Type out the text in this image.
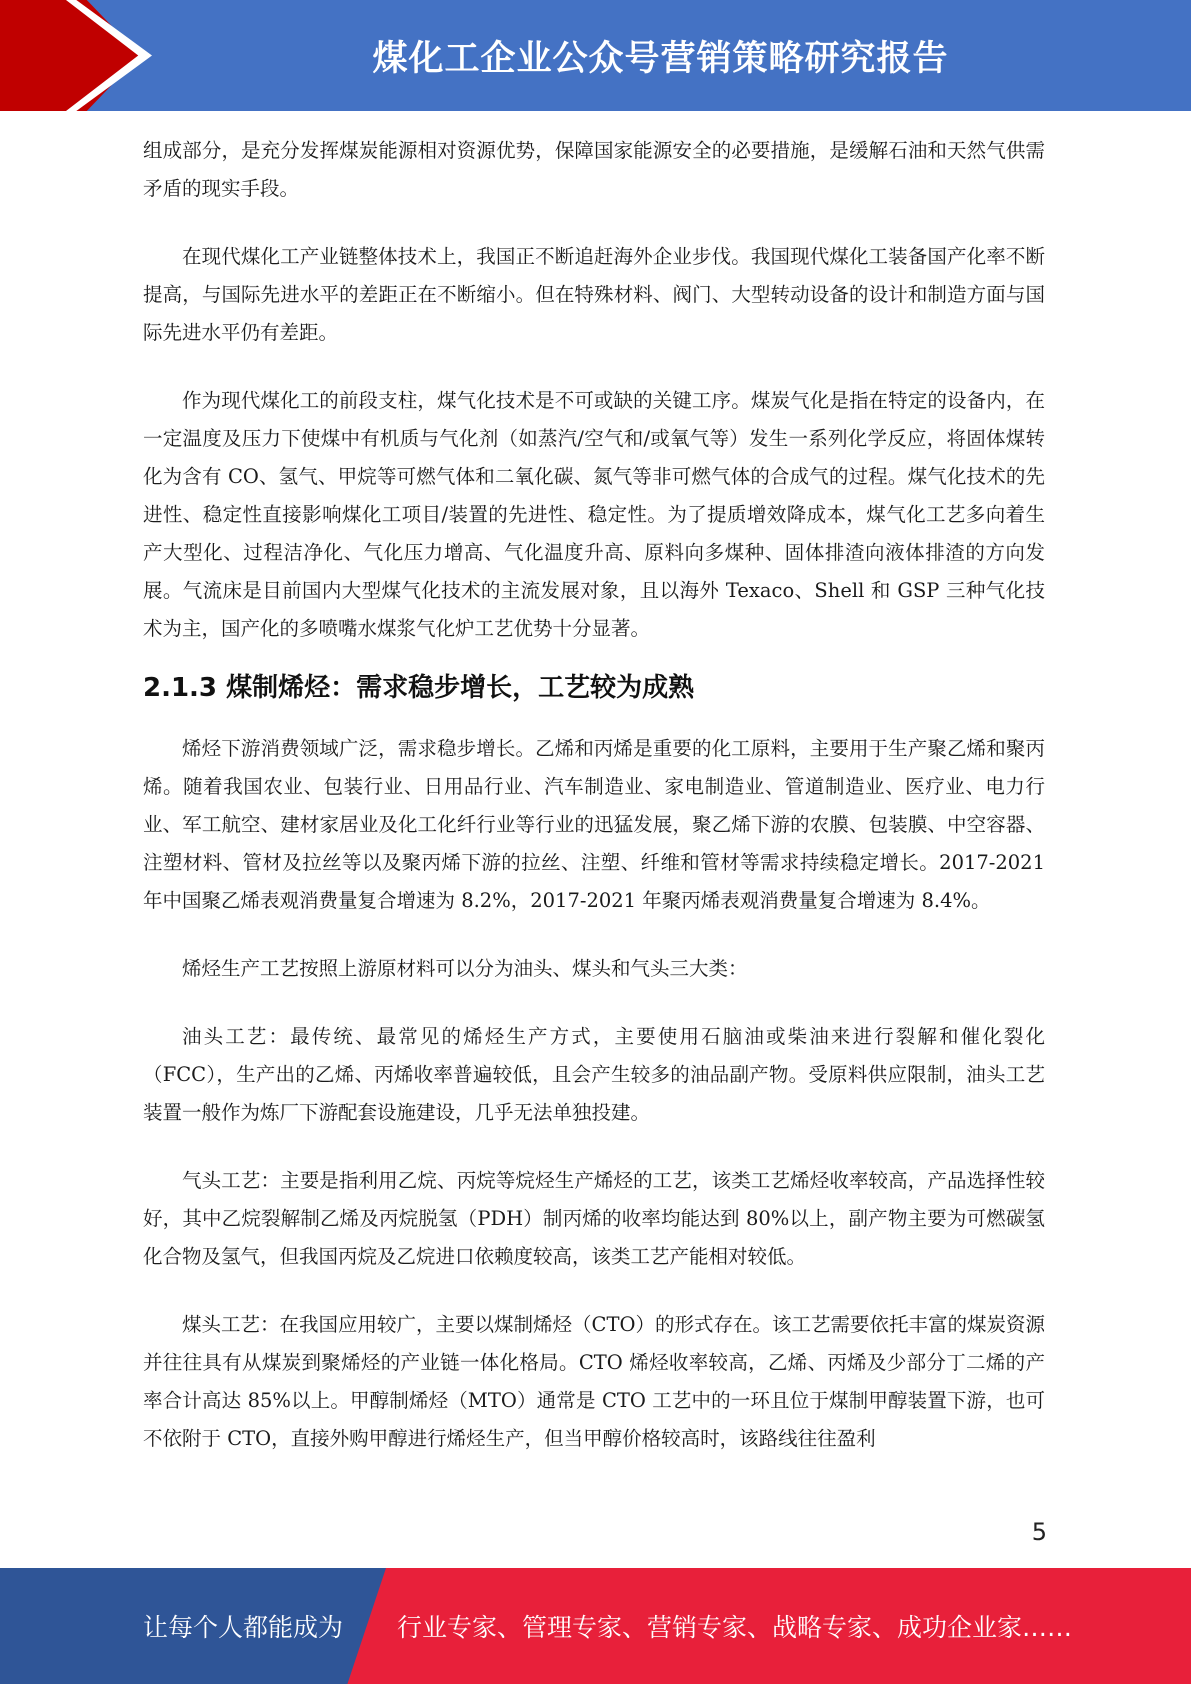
煤化工企业公众号营销策略研究报告

组成部分，是充分发挥煤炭能源相对资源优势，保障国家能源安全的必要措施，是缓解石油和天然气供需矛盾的现实手段。

在现代煤化工产业链整体技术上，我国正不断追赶海外企业步伐。我国现代煤化工装备国产化率不断提高，与国际先进水平的差距正在不断缩小。但在特殊材料、阀门、大型转动设备的设计和制造方面与国际先进水平仍有差距。

作为现代煤化工的前段支柱，煤气化技术是不可或缺的关键工序。煤炭气化是指在特定的设备内，在一定温度及压力下使煤中有机质与气化剂（如蒸汽/空气和/或氧气等）发生一系列化学反应，将固体煤转化为含有 CO、氢气、甲烷等可燃气体和二氧化碳、氮气等非可燃气体的合成气的过程。煤气化技术的先进性、稳定性直接影响煤化工项目/装置的先进性、稳定性。为了提质增效降成本，煤气化工艺多向着生产大型化、过程洁净化、气化压力增高、气化温度升高、原料向多煤种、固体排渣向液体排渣的方向发展。气流床是目前国内大型煤气化技术的主流发展对象，且以海外 Texaco、Shell 和 GSP 三种气化技术为主，国产化的多喷嘴水煤浆气化炉工艺优势十分显著。

2.1.3 煤制烯烃：需求稳步增长，工艺较为成熟

烯烃下游消费领域广泛，需求稳步增长。乙烯和丙烯是重要的化工原料，主要用于生产聚乙烯和聚丙烯。随着我国农业、包装行业、日用品行业、汽车制造业、家电制造业、管道制造业、医疗业、电力行业、军工航空、建材家居业及化工化纤行业等行业的迅猛发展，聚乙烯下游的农膜、包装膜、中空容器、注塑材料、管材及拉丝等以及聚丙烯下游的拉丝、注塑、纤维和管材等需求持续稳定增长。2017-2021 年中国聚乙烯表观消费量复合增速为 8.2%，2017-2021 年聚丙烯表观消费量复合增速为 8.4%。

烯烃生产工艺按照上游原材料可以分为油头、煤头和气头三大类：

油头工艺：最传统、最常见的烯烃生产方式，主要使用石脑油或柴油来进行裂解和催化裂化（FCC），生产出的乙烯、丙烯收率普遍较低，且会产生较多的油品副产物。受原料供应限制，油头工艺装置一般作为炼厂下游配套设施建设，几乎无法单独投建。

气头工艺：主要是指利用乙烷、丙烷等烷烃生产烯烃的工艺，该类工艺烯烃收率较高，产品选择性较好，其中乙烷裂解制乙烯及丙烷脱氢（PDH）制丙烯的收率均能达到 80%以上，副产物主要为可燃碳氢化合物及氢气，但我国丙烷及乙烷进口依赖度较高，该类工艺产能相对较低。

煤头工艺：在我国应用较广，主要以煤制烯烃（CTO）的形式存在。该工艺需要依托丰富的煤炭资源并往往具有从煤炭到聚烯烃的产业链一体化格局。CTO 烯烃收率较高，乙烯、丙烯及少部分丁二烯的产率合计高达 85%以上。甲醇制烯烃（MTO）通常是 CTO 工艺中的一环且位于煤制甲醇装置下游，也可不依附于 CTO，直接外购甲醇进行烯烃生产，但当甲醇价格较高时，该路线往往盈利

5
让每个人都能成为 行业专家、管理专家、营销专家、战略专家、成功企业家……
